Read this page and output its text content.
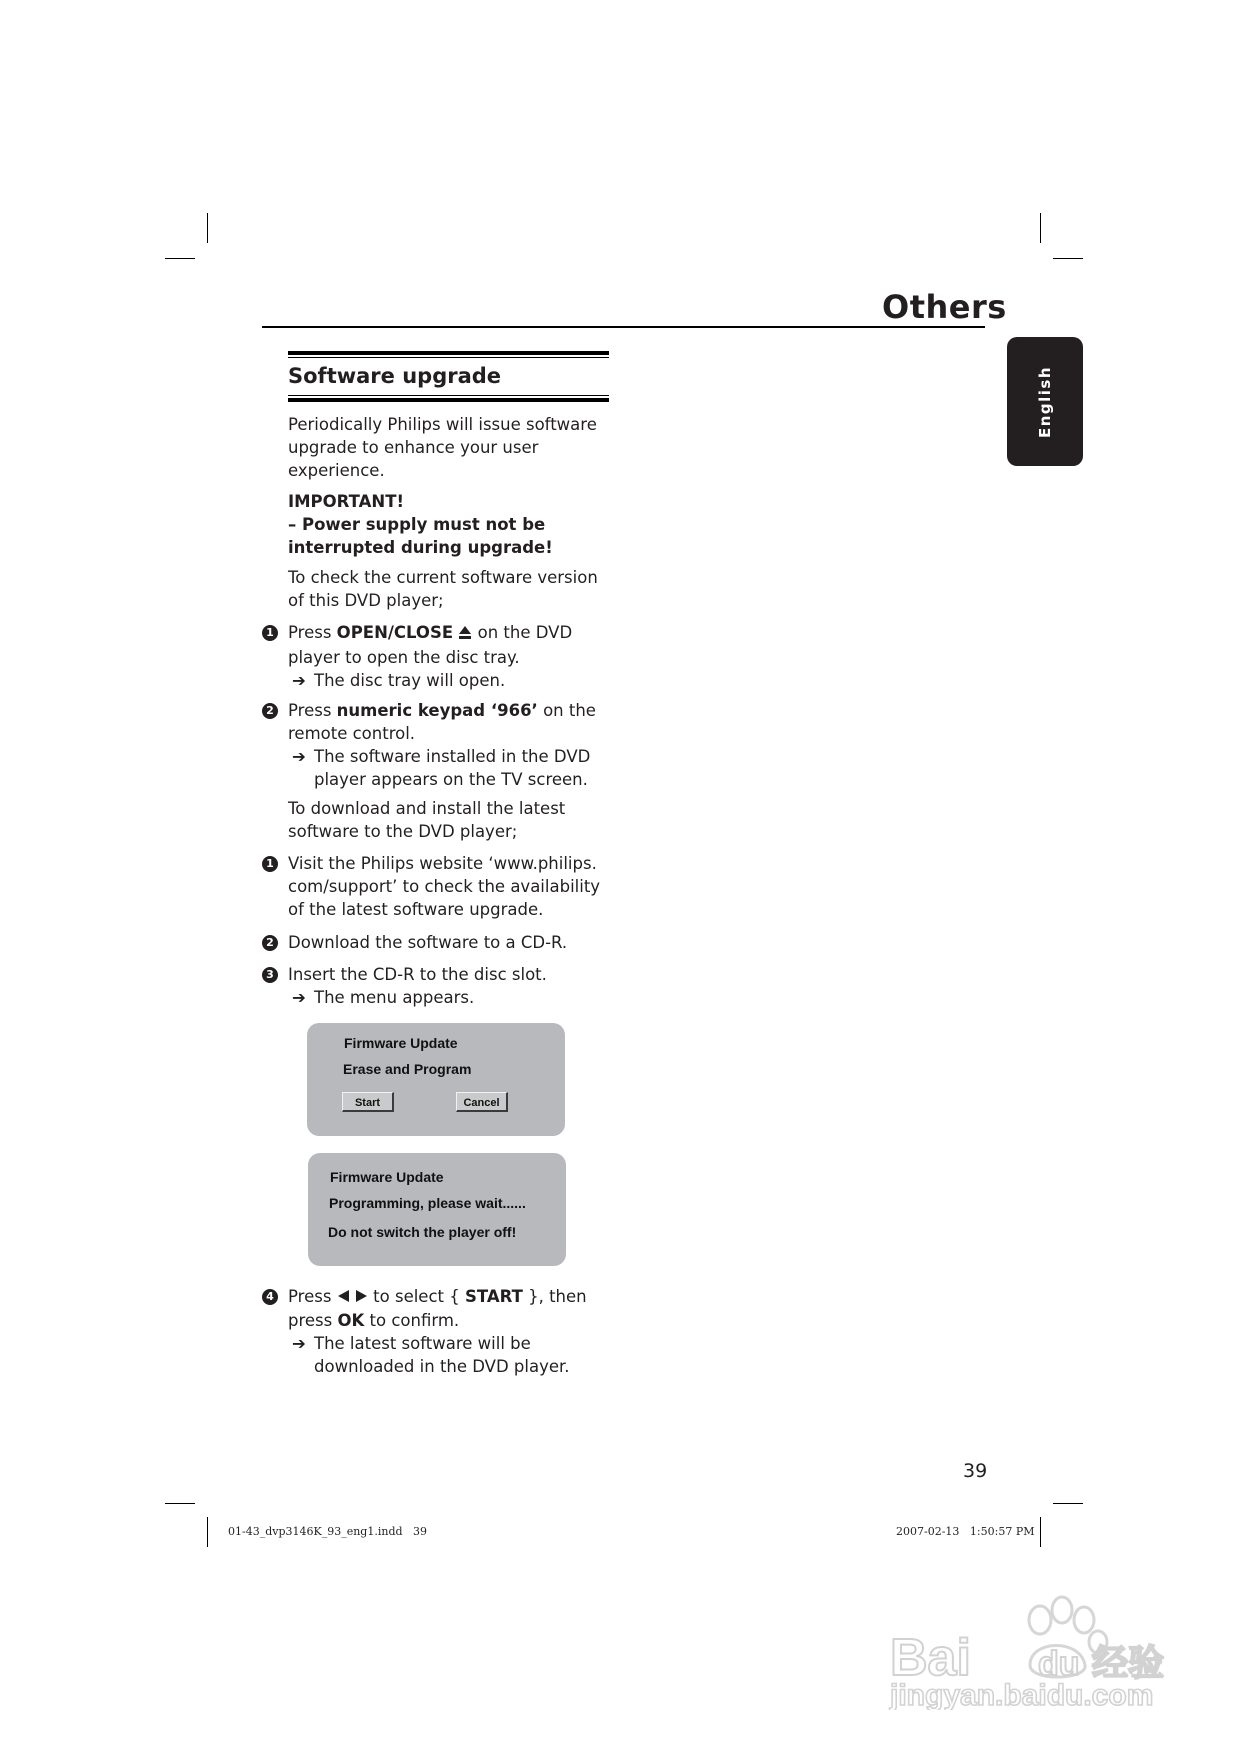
Others
English
Software upgrade
Periodically Philips will issue software upgrade to enhance your user experience.
IMPORTANT!
– Power supply must not be
interrupted during upgrade!
To check the current software version of this DVD player;
1 Press OPEN/CLOSE  on the DVD player to open the disc tray.
➔ The disc tray will open.
2 Press numeric keypad ‘966’ on the remote control.
➔ The software installed in the DVD player appears on the TV screen.
To download and install the latest software to the DVD player;
1 Visit the Philips website ‘www.philips. com/support’ to check the availability of the latest software upgrade.
2 Download the software to a CD-R.
3 Insert the CD-R to the disc slot.
➔ The menu appears.
Firmware Update
Erase and Program
Start	Cancel
Firmware Update
Programming, please wait......
Do not switch the player off!
4 Press   to select { START }, then press OK to confirm.
➔ The latest software will be downloaded in the DVD player.
39
01-43_dvp3146K_93_eng1.indd   39	2007-02-13   1:50:57 PM
Bai du 经验
jingyan.baidu.com
